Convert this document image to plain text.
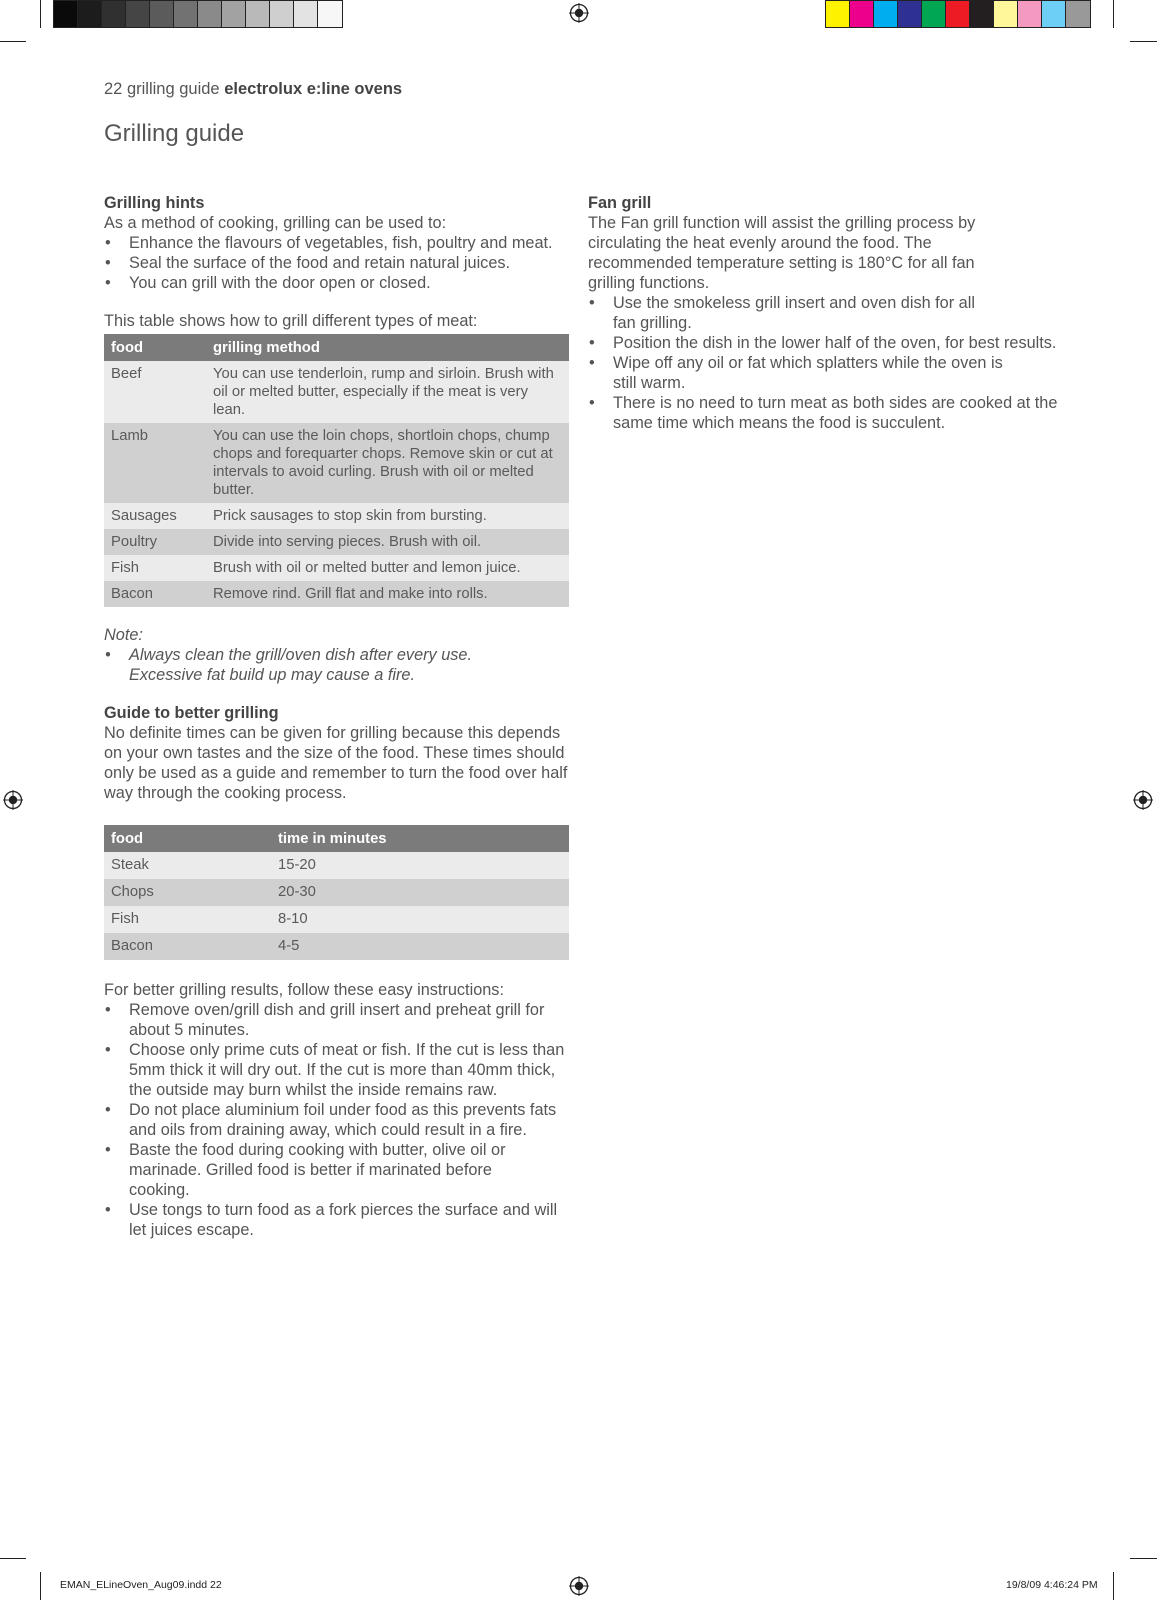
22 grilling guide electrolux e:line ovens
Grilling guide
Grilling hints

As a method of cooking, grilling can be used to:

• Enhance the flavours of vegetables, fish, poultry and meat.
• Seal the surface of the food and retain natural juices.
• You can grill with the door open or closed.

This table shows how to grill different types of meat:

food	grilling method
Beef	You can use tenderloin, rump and sirloin. Brush with oil or melted butter, especially if the meat is very lean.
Lamb	You can use the loin chops, shortloin chops, chump chops and forequarter chops. Remove skin or cut at intervals to avoid curling. Brush with oil or melted butter.
Sausages	Prick sausages to stop skin from bursting.
Poultry	Divide into serving pieces. Brush with oil.
Fish	Brush with oil or melted butter and lemon juice.
Bacon	Remove rind. Grill flat and make into rolls.

Note:

• Always clean the grill/oven dish after every use. Excessive fat build up may cause a fire.
Guide to better grilling

No definite times can be given for grilling because this depends on your own tastes and the size of the food. These times should only be used as a guide and remember to turn the food over half way through the cooking process.

food	time in minutes
Steak	15-20
Chops	20-30
Fish	8-10
Bacon	4-5

For better grilling results, follow these easy instructions:

• Remove oven/grill dish and grill insert and preheat grill for about 5 minutes.
• Choose only prime cuts of meat or fish. If the cut is less than 5mm thick it will dry out. If the cut is more than 40mm thick, the outside may burn whilst the inside remains raw.
• Do not place aluminium foil under food as this prevents fats and oils from draining away, which could result in a fire.
• Baste the food during cooking with butter, olive oil or marinade. Grilled food is better if marinated before cooking.
• Use tongs to turn food as a fork pierces the surface and will let juices escape.
Fan grill

The Fan grill function will assist the grilling process by circulating the heat evenly around the food. The recommended temperature setting is 180°C for all fan grilling functions.

• Use the smokeless grill insert and oven dish for all fan grilling.
• Position the dish in the lower half of the oven, for best results.
• Wipe off any oil or fat which splatters while the oven is still warm.
• There is no need to turn meat as both sides are cooked at the same time which means the food is succulent.
EMAN_ELineOven_Aug09.indd 22	19/8/09 4:46:24 PM
